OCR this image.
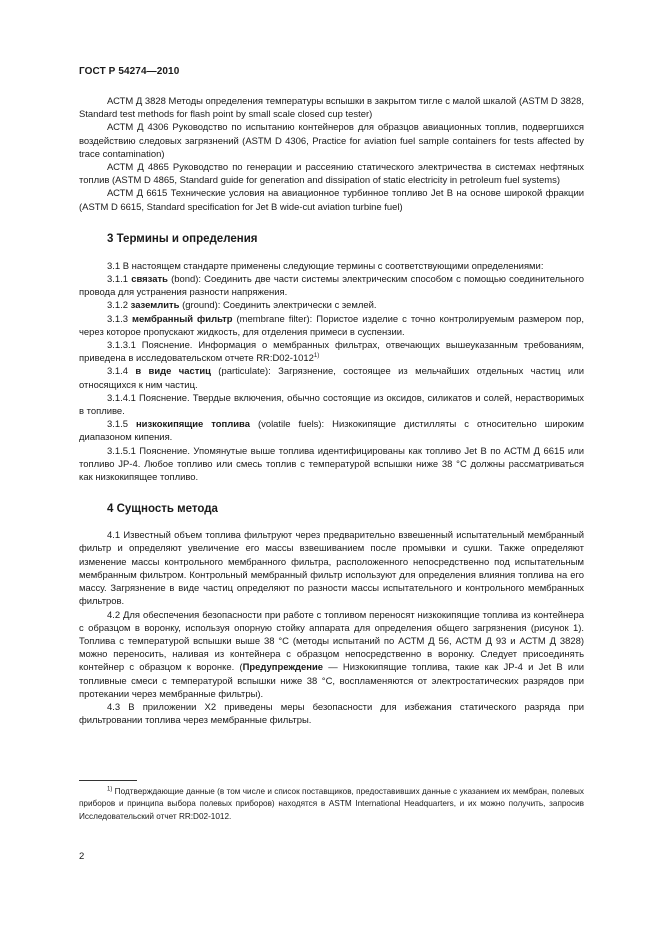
ГОСТ Р 54274—2010

АСТМ Д 3828 Методы определения температуры вспышки в закрытом тигле с малой шкалой (ASTM D 3828, Standard test methods for flash point by small scale closed cup tester)

АСТМ Д 4306 Руководство по испытанию контейнеров для образцов авиационных топлив, подвергшихся воздействию следовых загрязнений (ASTM D 4306, Practice for aviation fuel sample containers for tests affected by trace contamination)

АСТМ Д 4865 Руководство по генерации и рассеянию статического электричества в системах нефтяных топлив (ASTM D 4865, Standard guide for generation and dissipation of static electricity in petroleum fuel systems)

АСТМ Д 6615 Технические условия на авиационное турбинное топливо Jet B на основе широкой фракции (ASTM D 6615, Standard specification for Jet B wide-cut aviation turbine fuel)

3 Термины и определения

3.1 В настоящем стандарте применены следующие термины с соответствующими определениями:

3.1.1 связать (bond): Соединить две части системы электрическим способом с помощью соединительного провода для устранения разности напряжения.

3.1.2 заземлить (ground): Соединить электрически с землей.

3.1.3 мембранный фильтр (membrane filter): Пористое изделие с точно контролируемым размером пор, через которое пропускают жидкость, для отделения примеси в суспензии.

3.1.3.1 Пояснение. Информация о мембранных фильтрах, отвечающих вышеуказанным требованиям, приведена в исследовательском отчете RR:D02-1012$^{1)}$

3.1.4 в виде частиц (particulate): Загрязнение, состоящее из мельчайших отдельных частиц или относящихся к ним частиц.

3.1.4.1 Пояснение. Твердые включения, обычно состоящие из оксидов, силикатов и солей, нерастворимых в топливе.

3.1.5 низкокипящие топлива (volatile fuels): Низкокипящие дистилляты с относительно широким диапазоном кипения.

3.1.5.1 Пояснение. Упомянутые выше топлива идентифицированы как топливо Jet B по АСТМ Д 6615 или топливо JP-4. Любое топливо или смесь топлив с температурой вспышки ниже 38 °С должны рассматриваться как низкокипящее топливо.

4 Сущность метода

4.1 Известный объем топлива фильтруют через предварительно взвешенный испытательный мембранный фильтр и определяют увеличение его массы взвешиванием после промывки и сушки. Также определяют изменение массы контрольного мембранного фильтра, расположенного непосредственно под испытательным мембранным фильтром. Контрольный мембранный фильтр используют для определения влияния топлива на его массу. Загрязнение в виде частиц определяют по разности массы испытательного и контрольного мембранных фильтров.

4.2 Для обеспечения безопасности при работе с топливом переносят низкокипящие топлива из контейнера с образцом в воронку, используя опорную стойку аппарата для определения общего загрязнения (рисунок 1). Топлива с температурой вспышки выше 38 °С (методы испытаний по АСТМ Д 56, АСТМ Д 93 и АСТМ Д 3828) можно переносить, наливая из контейнера с образцом непосредственно в воронку. Следует присоединять контейнер с образцом к воронке. (Предупреждение — Низкокипящие топлива, такие как JP-4 и Jet B или топливные смеси с температурой вспышки ниже 38 °С, воспламеняются от электростатических разрядов при протекании через мембранные фильтры).

4.3 В приложении X2 приведены меры безопасности для избежания статического разряда при фильтровании топлива через мембранные фильтры.

$^{1)}$ Подтверждающие данные (в том числе и список поставщиков, предоставивших данные с указанием их мембран, полевых приборов и принципа выбора полевых приборов) находятся в ASTM International Headquarters, и их можно получить, запросив Исследовательский отчет RR:D02-1012.

2
